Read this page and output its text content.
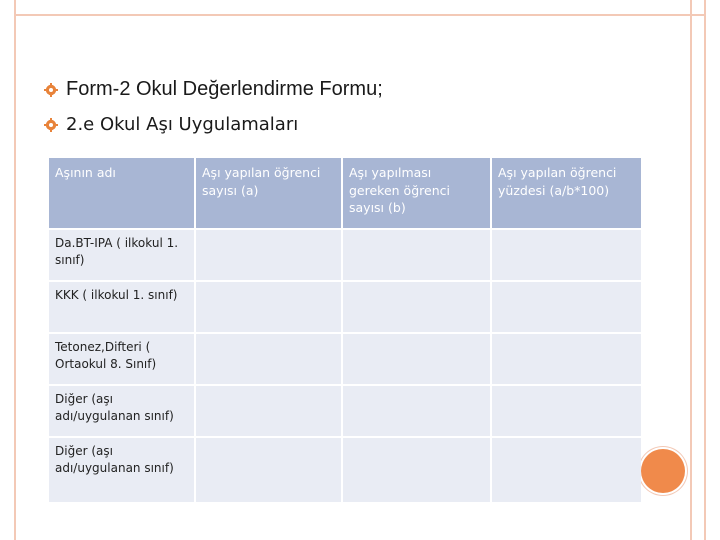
Form-2 Okul Değerlendirme Formu;
2.e Okul Aşı Uygulamaları
Aşının adı	Aşı yapılan öğrenci sayısı (a)	Aşı yapılması gereken öğrenci sayısı (b)	Aşı yapılan öğrenci yüzdesi (a/b*100)
Da.BT-IPA ( ilkokul 1. sınıf)			
KKK ( ilkokul 1. sınıf)			
Tetonez,Difteri ( Ortaokul 8. Sınıf)			
Diğer (aşı adı/uygulanan sınıf)			
Diğer (aşı adı/uygulanan sınıf)			
